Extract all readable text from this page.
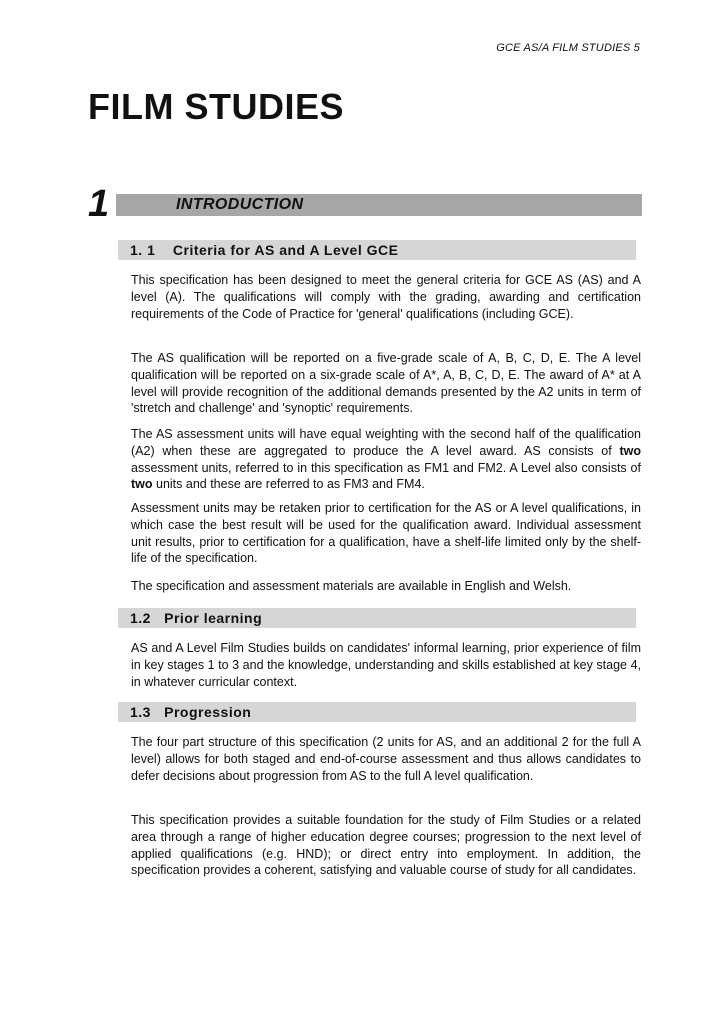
GCE AS/A FILM STUDIES 5
FILM STUDIES
1	INTRODUCTION
1. 1    Criteria for AS and A Level GCE

This specification has been designed to meet the general criteria for GCE AS (AS) and A level (A). The qualifications will comply with the grading, awarding and certification requirements of the Code of Practice for 'general' qualifications (including GCE).

The AS qualification will be reported on a five-grade scale of A, B, C, D, E. The A level qualification will be reported on a six-grade scale of A*, A, B, C, D, E. The award of A* at A level will provide recognition of the additional demands presented by the A2 units in term of 'stretch and challenge' and 'synoptic' requirements.

The AS assessment units will have equal weighting with the second half of the qualification (A2) when these are aggregated to produce the A level award. AS consists of two assessment units, referred to in this specification as FM1 and FM2. A Level also consists of two units and these are referred to as FM3 and FM4.

Assessment units may be retaken prior to certification for the AS or A level qualifications, in which case the best result will be used for the qualification award. Individual assessment unit results, prior to certification for a qualification, have a shelf-life limited only by the shelf-life of the specification.

The specification and assessment materials are available in English and Welsh.

1.2   Prior learning

AS and A Level Film Studies builds on candidates' informal learning, prior experience of film in key stages 1 to 3 and the knowledge, understanding and skills established at key stage 4, in whatever curricular context.

1.3   Progression

The four part structure of this specification (2 units for AS, and an additional 2 for the full A level) allows for both staged and end-of-course assessment and thus allows candidates to defer decisions about progression from AS to the full A level qualification.

This specification provides a suitable foundation for the study of Film Studies or a related area through a range of higher education degree courses; progression to the next level of applied qualifications (e.g. HND); or direct entry into employment. In addition, the specification provides a coherent, satisfying and valuable course of study for all candidates.
